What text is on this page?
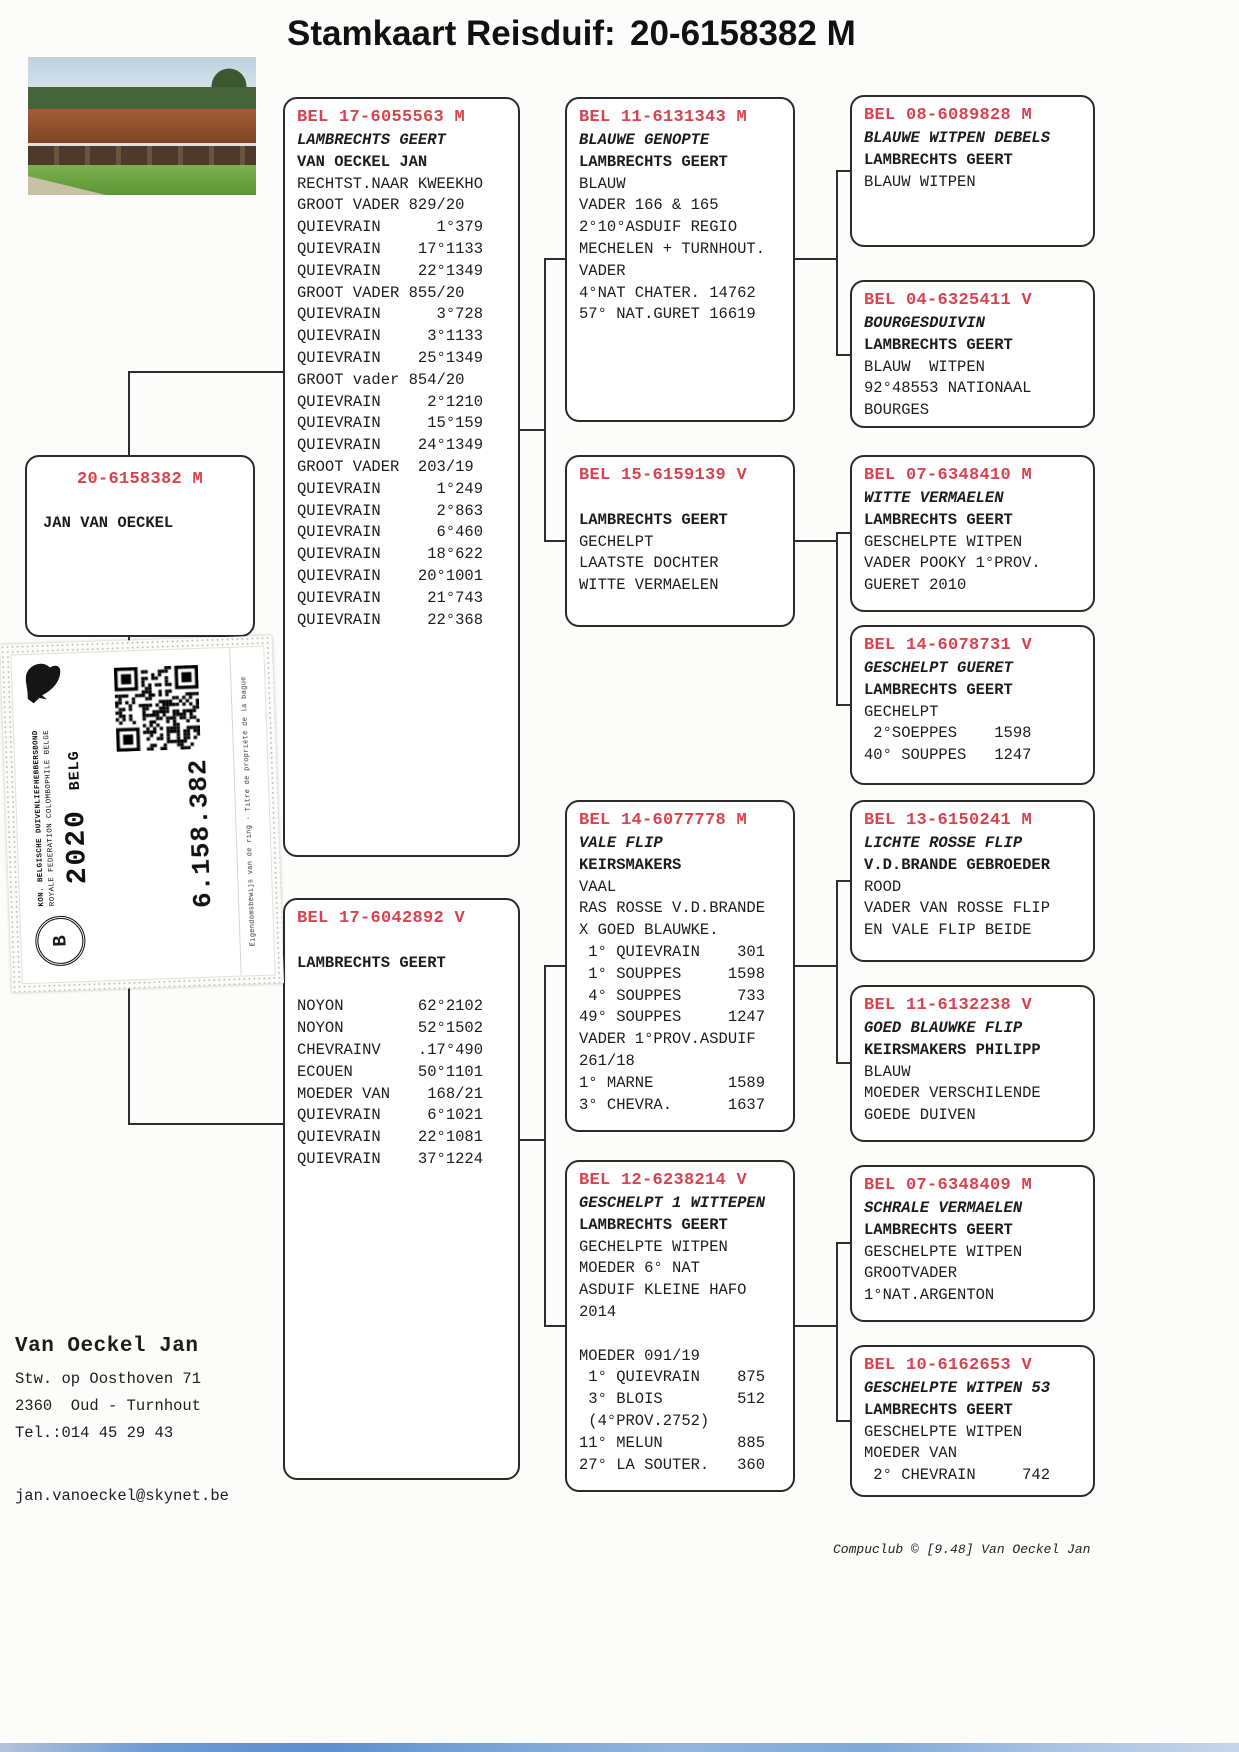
Stamkaart Reisduif: 20-6158382 M
20-6158382 M
JAN VAN OECKEL
BEL 17-6055563 M
LAMBRECHTS GEERT
VAN OECKEL JAN
RECHTST.NAAR KWEEKHO
GROOT VADER 829/20
QUIEVRAIN      1°379
QUIEVRAIN    17°1133
QUIEVRAIN    22°1349
GROOT VADER 855/20
QUIEVRAIN      3°728
QUIEVRAIN     3°1133
QUIEVRAIN    25°1349
GROOT vader 854/20
QUIEVRAIN     2°1210
QUIEVRAIN     15°159
QUIEVRAIN    24°1349
GROOT VADER  203/19
QUIEVRAIN      1°249
QUIEVRAIN      2°863
QUIEVRAIN      6°460
QUIEVRAIN     18°622
QUIEVRAIN    20°1001
QUIEVRAIN     21°743
QUIEVRAIN     22°368
BEL 17-6042892 V
LAMBRECHTS GEERT
NOYON        62°2102
NOYON        52°1502
CHEVRAINV    .17°490
ECOUEN       50°1101
MOEDER VAN    168/21
QUIEVRAIN     6°1021
QUIEVRAIN    22°1081
QUIEVRAIN    37°1224
BEL 11-6131343 M
BLAUWE GENOPTE
LAMBRECHTS GEERT
BLAUW
VADER 166 & 165
2°10°ASDUIF REGIO
MECHELEN + TURNHOUT.
VADER
4°NAT CHATER. 14762
57° NAT.GURET 16619
BEL 15-6159139 V
LAMBRECHTS GEERT
GECHELPT
LAATSTE DOCHTER
WITTE VERMAELEN
BEL 14-6077778 M
VALE FLIP
KEIRSMAKERS
VAAL
RAS ROSSE V.D.BRANDE
X GOED BLAUWKE.
1° QUIEVRAIN    301
1° SOUPPES     1598
4° SOUPPES      733
49° SOUPPES     1247
VADER 1°PROV.ASDUIF
261/18
1° MARNE        1589
3° CHEVRA.      1637
BEL 12-6238214 V
GESCHELPT 1 WITTEPEN
LAMBRECHTS GEERT
GECHELPTE WITPEN
MOEDER 6° NAT
ASDUIF KLEINE HAFO
2014
MOEDER 091/19
1° QUIEVRAIN    875
3° BLOIS        512
(4°PROV.2752)
11° MELUN        885
27° LA SOUTER.   360
BEL 08-6089828 M
BLAUWE WITPEN DEBELS
LAMBRECHTS GEERT
BLAUW WITPEN
BEL 04-6325411 V
BOURGESDUIVIN
LAMBRECHTS GEERT
BLAUW  WITPEN
92°48553 NATIONAAL
BOURGES
BEL 07-6348410 M
WITTE VERMAELEN
LAMBRECHTS GEERT
GESCHELPTE WITPEN
VADER POOKY 1°PROV.
GUERET 2010
BEL 14-6078731 V
GESCHELPT GUERET
LAMBRECHTS GEERT
GECHELPT
2°SOEPPES    1598
40° SOUPPES   1247
BEL 13-6150241 M
LICHTE ROSSE FLIP
V.D.BRANDE GEBROEDER
ROOD
VADER VAN ROSSE FLIP
EN VALE FLIP BEIDE
BEL 11-6132238 V
GOED BLAUWKE FLIP
KEIRSMAKERS PHILIPP
BLAUW
MOEDER VERSCHILENDE
GOEDE DUIVEN
BEL 07-6348409 M
SCHRALE VERMAELEN
LAMBRECHTS GEERT
GESCHELPTE WITPEN
GROOTVADER
1°NAT.ARGENTON
BEL 10-6162653 V
GESCHELPTE WITPEN 53
LAMBRECHTS GEERT
GESCHELPTE WITPEN
MOEDER VAN
2° CHEVRAIN     742
KON. BELGISCHE DUIVENLIEFHEBBERSBOND
ROYALE FEDERATION COLOMBOPHILE BELGE 2020 BELG
B
6.158.382	Eigendomsbewijs van de ring · Titre de propriété de la bague
Van Oeckel Jan
Stw. op Oosthoven 71
2360  Oud - Turnhout
Tel.:014 45 29 43
jan.vanoeckel@skynet.be
Compuclub © [9.48] Van Oeckel Jan
